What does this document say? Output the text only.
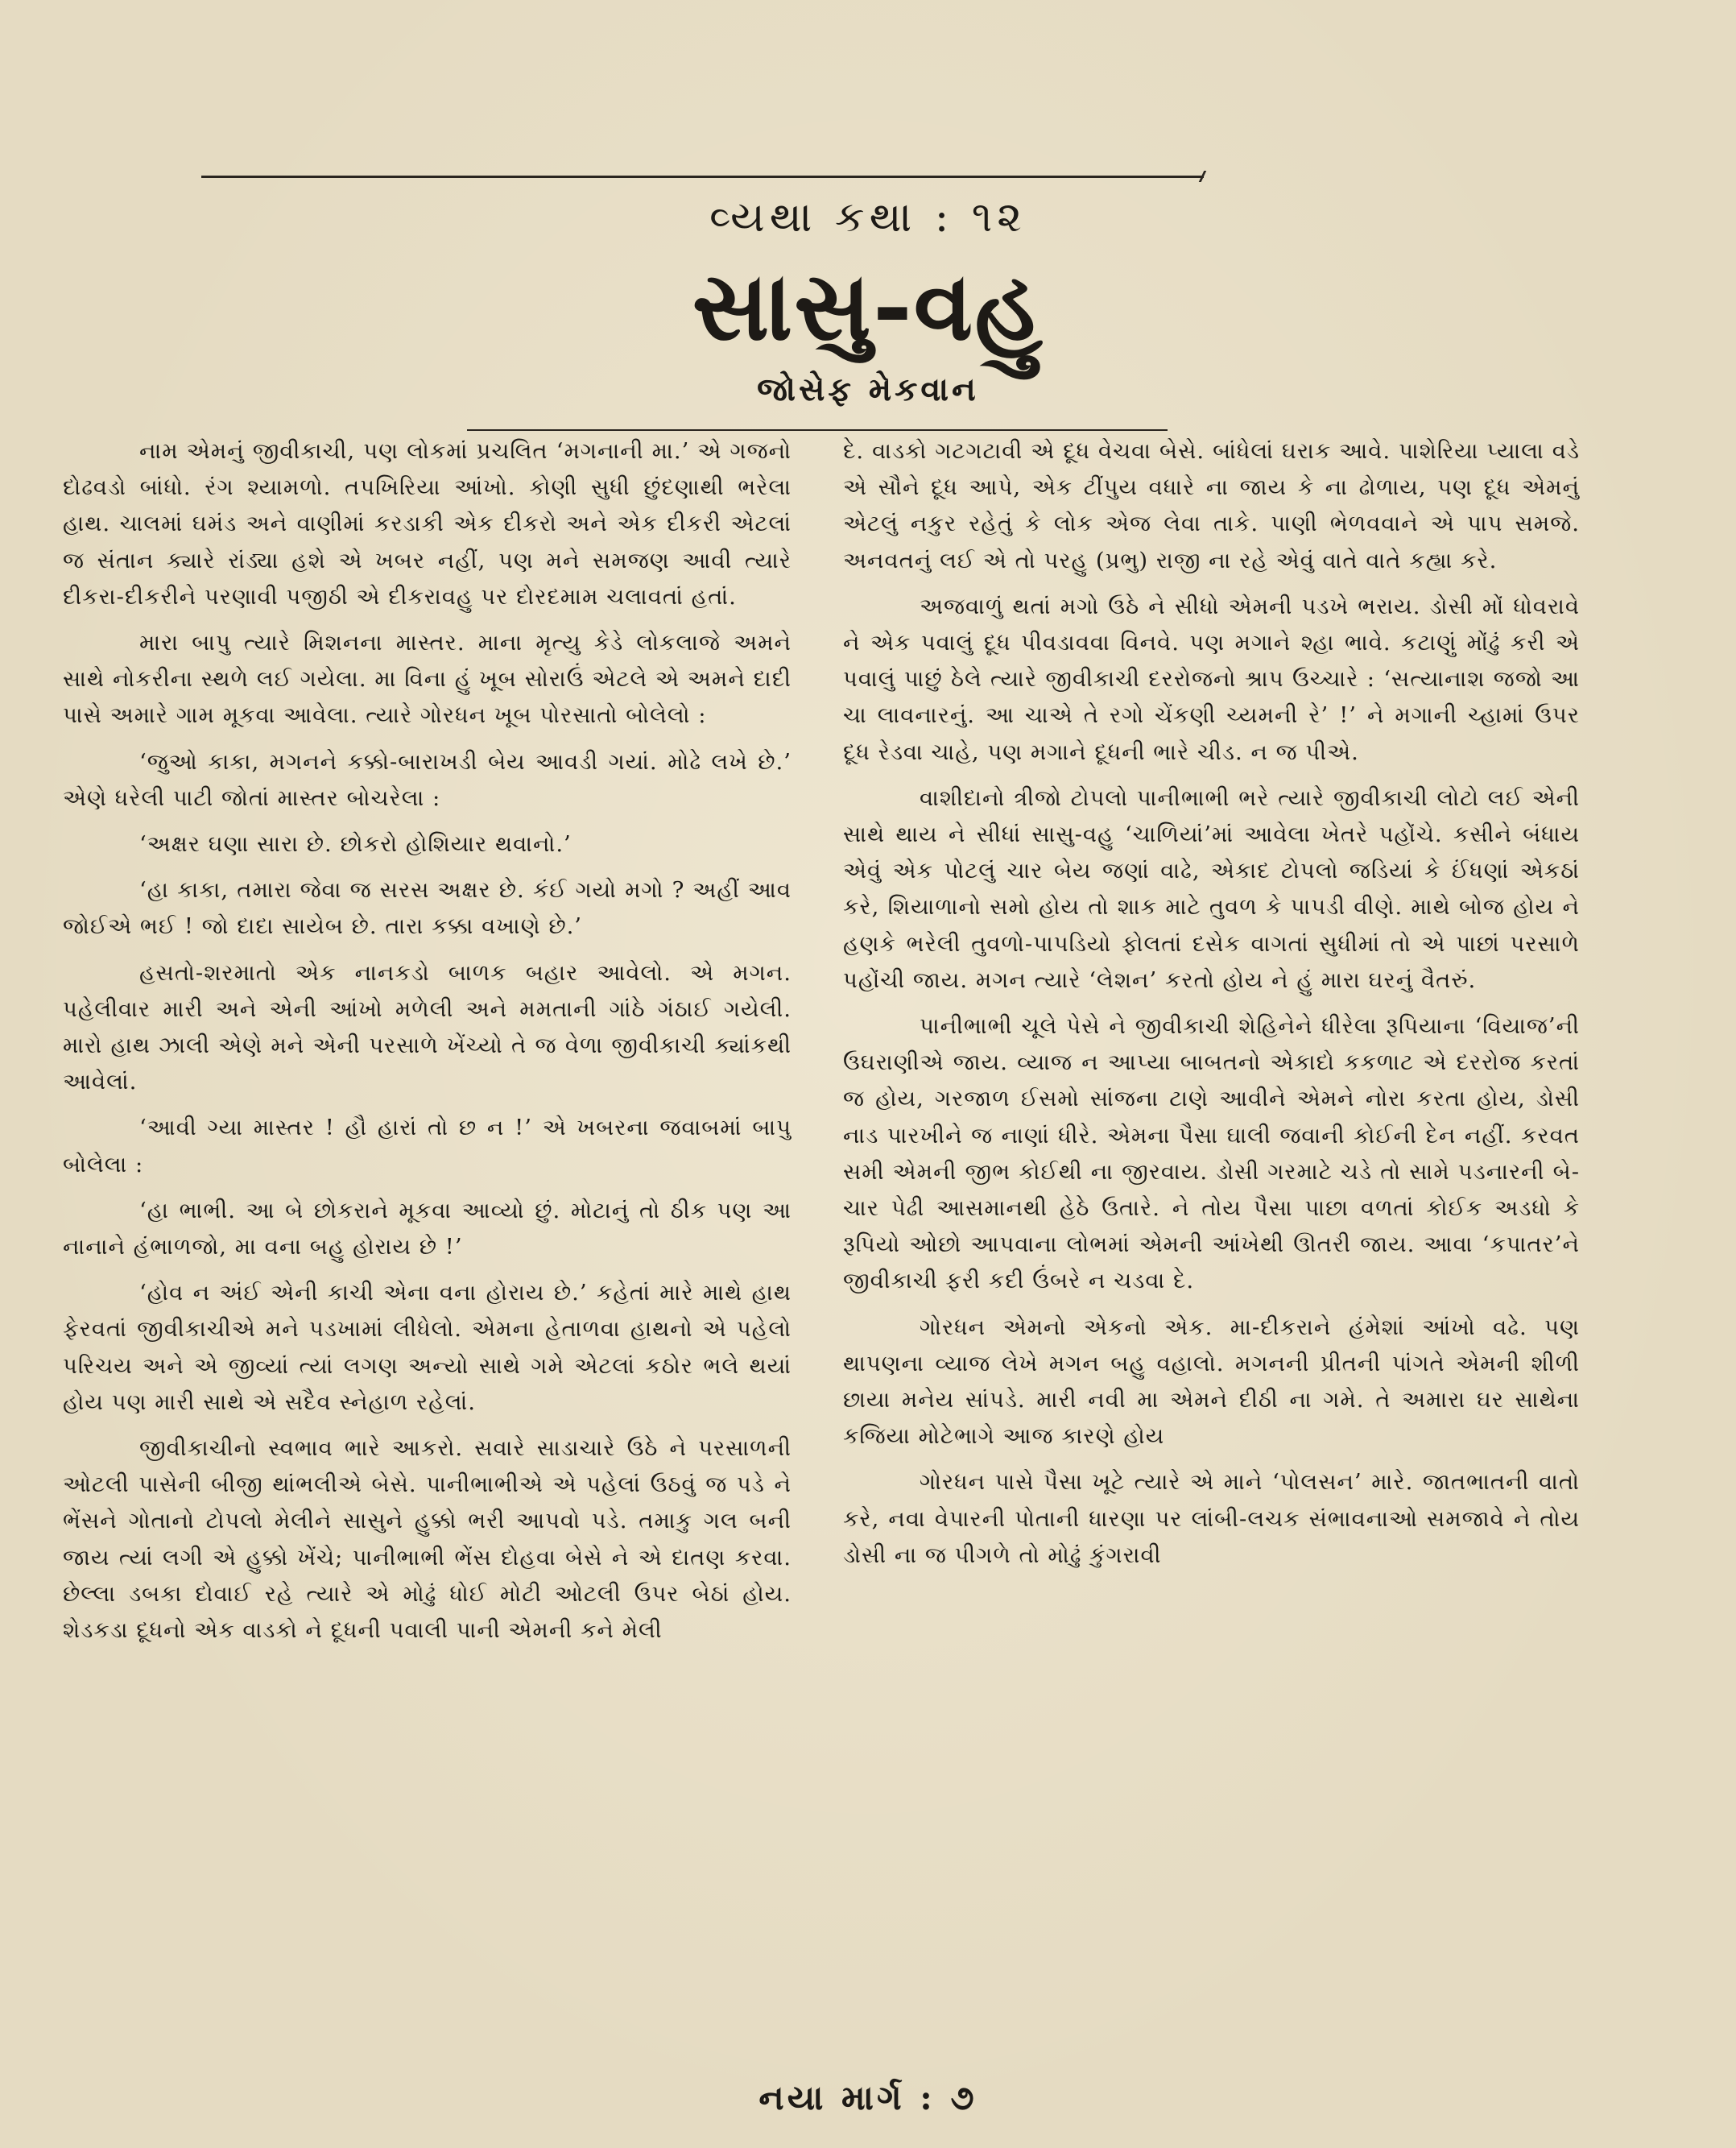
વ્યથા કથા : ૧૨
સાસુ-વહુ
જોસેફ મેકવાન

નામ એમનું જીવીકાચી, પણ લોકમાં પ્રચલિત ‘મગનાની મા.’ એ ગજનો દોઢવડો બાંધો. રંગ શ્યામળો. તપખિરિયા આંખો. કોણી સુધી છુંદણાથી ભરેલા હાથ. ચાલમાં ઘમંડ અને વાણીમાં કરડાકી એક દીકરો અને એક દીકરી એટલાં જ સંતાન ક્યારે રાંડ્યા હશે એ ખબર નહીં, પણ મને સમજણ આવી ત્યારે દીકરા-દીકરીને પરણાવી પજીઠી એ દીકરાવહુ પર દોરદમામ ચલાવતાં હતાં.

મારા બાપુ ત્યારે મિશનના માસ્તર. માના મૃત્યુ કેડે લોકલાજે અમને સાથે નોકરીના સ્થળે લઈ ગયેલા. મા વિના હું ખૂબ સોરાઉં એટલે એ અમને દાદી પાસે અમારે ગામ મૂકવા આવેલા. ત્યારે ગોરધન ખૂબ પોરસાતો બોલેલો :

‘જુઓ કાકા, મગનને કક્કો-બારાખડી બેય આવડી ગયાં. મોઢે લખે છે.’ એણે ધરેલી પાટી જોતાં માસ્તર બોચરેલા :

‘અક્ષર ઘણા સારા છે. છોકરો હોશિયાર થવાનો.’

‘હા કાકા, તમારા જેવા જ સરસ અક્ષર છે. કંઈ ગયો મગો ? અહીં આવ જોઈએ ભઈ ! જો દાદા સાયેબ છે. તારા કક્કા વખાણે છે.’

હસતો-શરમાતો એક નાનકડો બાળક બહાર આવેલો. એ મગન. પહેલીવાર મારી અને એની આંખો મળેલી અને મમતાની ગાંઠે ગંઠાઈ ગયેલી. મારો હાથ ઝાલી એણે મને એની પરસાળે ખેંચ્યો તે જ વેળા જીવીકાચી ક્યાંકથી આવેલાં.

‘આવી ગ્યા માસ્તર ! હૌ હારાં તો છ ન !’ એ ખબરના જવાબમાં બાપુ બોલેલા :

‘હા ભાભી. આ બે છોકરાને મૂકવા આવ્યો છું. મોટાનું તો ઠીક પણ આ નાનાને હંભાળજો, મા વના બહુ હોરાય છે !’

‘હોવ ન અંઈ એની કાચી એના વના હોરાય છે.’ કહેતાં મારે માથે હાથ ફેરવતાં જીવીકાચીએ મને પડખામાં લીધેલો. એમના હેતાળવા હાથનો એ પહેલો પરિચય અને એ જીવ્યાં ત્યાં લગણ અન્યો સાથે ગમે એટલાં કઠોર ભલે થયાં હોય પણ મારી સાથે એ સદૈવ સ્નેહાળ રહેલાં.

જીવીકાચીનો સ્વભાવ ભારે આકરો. સવારે સાડાચારે ઉઠે ને પરસાળની ઓટલી પાસેની બીજી થાંભલીએ બેસે. પાનીભાભીએ એ પહેલાં ઉઠવું જ પડે ને ભેંસને ગોતાનો ટોપલો મેલીને સાસુને હુક્કો ભરી આપવો પડે. તમાકુ ગલ બની જાય ત્યાં લગી એ હુક્કો ખેંચે; પાનીભાભી ભેંસ દોહવા બેસે ને એ દાતણ કરવા. છેલ્લા ડબકા દોવાઈ રહે ત્યારે એ મોઢું ધોઈ મોટી ઓટલી ઉપર બેઠાં હોય. શેડકડા દૂધનો એક વાડકો ને દૂધની પવાલી પાની એમની કને મેલી

દે. વાડકો ગટગટાવી એ દૂધ વેચવા બેસે. બાંધેલાં ઘરાક આવે. પાશેરિયા પ્યાલા વડે એ સૌને દૂધ આપે, એક ટીંપુય વધારે ના જાય કે ના ઢોળાય, પણ દૂધ એમનું એટલું નકુર રહેતું કે લોક એજ લેવા તાકે. પાણી ભેળવવાને એ પાપ સમજે. અનવતનું લઈ એ તો પરહુ (પ્રભુ) રાજી ના રહે એવું વાતે વાતે કહ્યા કરે.

અજવાળું થતાં મગો ઉઠે ને સીધો એમની પડખે ભરાય. ડોસી મોં ધોવરાવે ને એક પવાલું દૂધ પીવડાવવા વિનવે. પણ મગાને શ્હા ભાવે. કટાણું મોંઢું કરી એ પવાલું પાછું ઠેલે ત્યારે જીવીકાચી દરરોજનો શ્રાપ ઉચ્ચારે : ‘સત્યાનાશ જજો આ ચા લાવનારનું. આ ચાએ તે રગો ચેંકણી ચ્યમની રે’ !’ ને મગાની ચ્હામાં ઉપર દૂધ રેડવા ચાહે, પણ મગાને દૂધની ભારે ચીડ. ન જ પીએ.

વાશીદાનો ત્રીજો ટોપલો પાનીભાભી ભરે ત્યારે જીવીકાચી લોટો લઈ એની સાથે થાય ને સીધાં સાસુ-વહુ ‘ચાળિયાં’માં આવેલા ખેતરે પહોંચે. કસીને બંધાય એવું એક પોટલું ચાર બેય જણાં વાઢે, એકાદ ટોપલો જડિયાં કે ઈંધણાં એકઠાં કરે, શિયાળાનો સમો હોય તો શાક માટે તુવળ કે પાપડી વીણે. માથે બોજ હોય ને હણકે ભરેલી તુવળો-પાપડિયો ફોલતાં દસેક વાગતાં સુધીમાં તો એ પાછાં પરસાળે પહોંચી જાય. મગન ત્યારે ‘લેશન’ કરતો હોય ને હું મારા ઘરનું વૈતરું.

પાનીભાભી ચૂલે પેસે ને જીવીકાચી શેહિનેને ધીરેલા રૂપિયાના ‘વિયાજ’ની ઉઘરાણીએ જાય. વ્યાજ ન આપ્યા બાબતનો એકાદો કકળાટ એ દરરોજ કરતાં જ હોય, ગરજાળ ઈસમો સાંજના ટાણે આવીને એમને નોરા કરતા હોય, ડોસી નાડ પારખીને જ નાણાં ધીરે. એમના પૈસા ઘાલી જવાની કોઈની દેન નહીં. કરવત સમી એમની જીભ કોઈથી ના જીરવાય. ડોસી ગરમાટે ચડે તો સામે પડનારની બે-ચાર પેઢી આસમાનથી હેઠે ઉતારે. ને તોય પૈસા પાછા વળતાં કોઈક અડધો કે રૂપિયો ઓછો આપવાના લોભમાં એમની આંખેથી ઊતરી જાય. આવા ‘કપાતર’ને જીવીકાચી ફરી કદી ઉંબરે ન ચડવા દે.

ગોરધન એમનો એકનો એક. મા-દીકરાને હંમેશાં આંખો વઢે. પણ થાપણના વ્યાજ લેખે મગન બહુ વહાલો. મગનની પ્રીતની પાંગતે એમની શીળી છાયા મનેય સાંપડે. મારી નવી મા એમને દીઠી ના ગમે. તે અમારા ઘર સાથેના કજિયા મોટેભાગે આજ કારણે હોય

ગોરધન પાસે પૈસા ખૂટે ત્યારે એ માને ‘પોલસન’ મારે. જાતભાતની વાતો કરે, નવા વેપારની પોતાની ધારણા પર લાંબી-લચક સંભાવનાઓ સમજાવે ને તોય ડોસી ના જ પીગળે તો મોઢું કુંગરાવી

નયા માર્ગ : ૭
